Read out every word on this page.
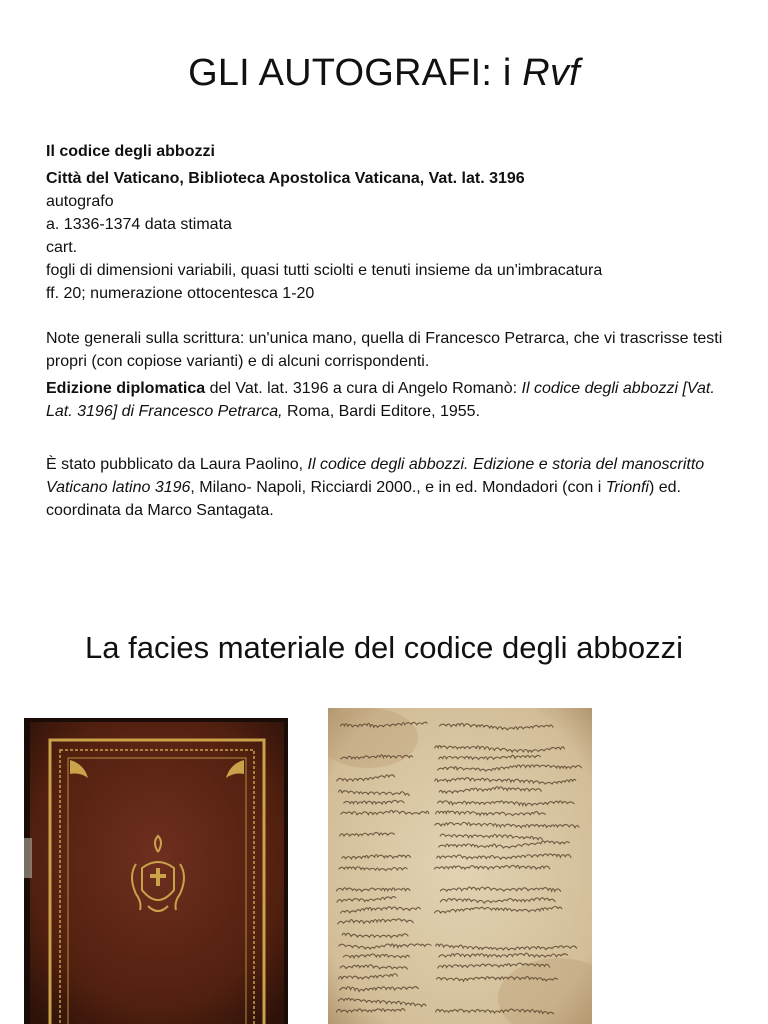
GLI AUTOGRAFI: i Rvf

Il codice degli abbozzi

Città del Vaticano, Biblioteca Apostolica Vaticana, Vat. lat. 3196

autografo

a. 1336-1374 data stimata

cart.

fogli di dimensioni variabili, quasi tutti sciolti e tenuti insieme da un'imbracatura

ff. 20; numerazione ottocentesca 1-20

Note generali sulla scrittura: un'unica mano, quella di Francesco Petrarca, che vi trascrisse testi propri (con copiose varianti) e di alcuni corrispondenti.

Edizione diplomatica del Vat. lat. 3196 a cura di Angelo Romanò: Il codice degli abbozzi [Vat. Lat. 3196] di Francesco Petrarca, Roma, Bardi Editore, 1955.

È stato pubblicato da Laura Paolino, Il codice degli abbozzi. Edizione e storia del manoscritto Vaticano latino 3196, Milano- Napoli, Ricciardi 2000., e in ed. Mondadori (con i Trionfi) ed. coordinata da Marco Santagata.

La facies materiale del codice degli abbozzi
